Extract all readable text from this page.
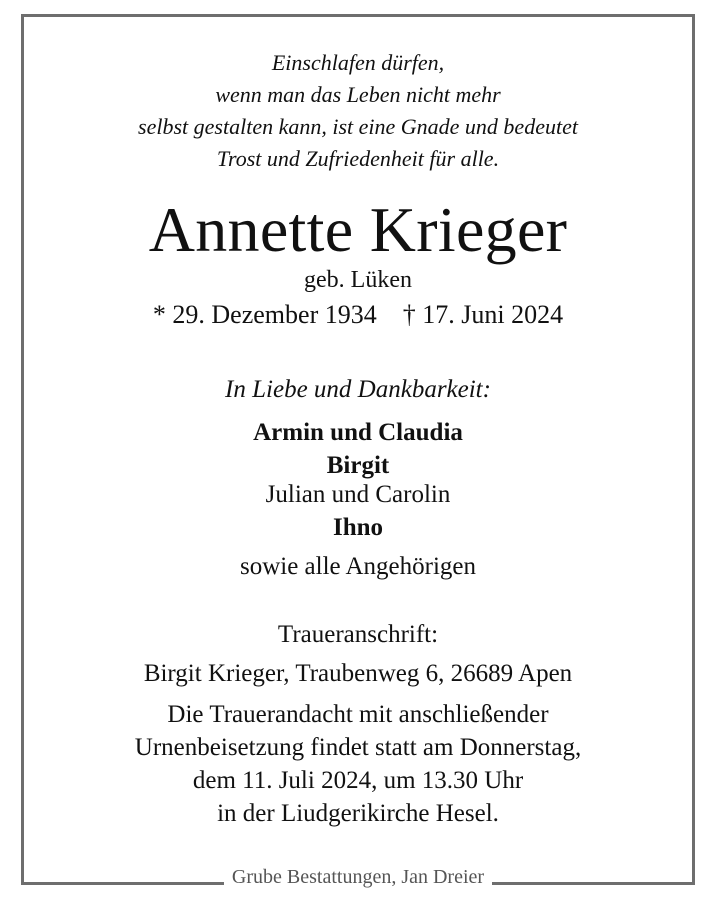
Einschlafen dürfen,
wenn man das Leben nicht mehr
selbst gestalten kann, ist eine Gnade und bedeutet
Trost und Zufriedenheit für alle.
Annette Krieger
geb. Lüken
* 29. Dezember 1934 † 17. Juni 2024
In Liebe und Dankbarkeit:
Armin und Claudia
Birgit
Julian und Carolin
Ihno
sowie alle Angehörigen
Traueranschrift:
Birgit Krieger, Traubenweg 6, 26689 Apen
Die Trauerandacht mit anschließender
Urnenbeisetzung findet statt am Donnerstag,
dem 11. Juli 2024, um 13.30 Uhr
in der Liudgerikirche Hesel.
Grube Bestattungen, Jan Dreier
